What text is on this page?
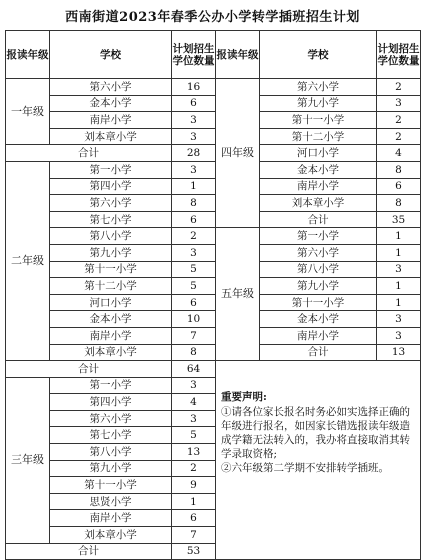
西南街道2023年春季公办小学转学插班招生计划
报读年级	学校	计划招生学位数量	报读年级	学校	计划招生学位数量
一年级	第六小学	16	四年级	第六小学	2
	金本小学	6		第九小学	3
	南岸小学	3		第十一小学	2
	刘本章小学	3		第十二小学	2
合计		28		河口小学	4
二年级	第一小学	3		金本小学	8
	第四小学	1		南岸小学	6
	第六小学	8		刘本章小学	8
	第七小学	6		合计	35
	第八小学	2	五年级	第一小学	1
	第九小学	3		第六小学	1
	第十一小学	5		第八小学	3
	第十二小学	5		第九小学	1
	河口小学	6		第十一小学	1
	金本小学	10		金本小学	3
	南岸小学	7		南岸小学	3
	刘本章小学	8		合计	13
合计		64	重要声明:

①请各位家长报名时务必如实选择正确的年级进行报名，如因家长错选报读年级造成学籍无法转入的，我办将直接取消其转学录取资格;

②六年级第二学期不安排转学插班。		

三年级	第一小学	3			
	第四小学	4			
	第六小学	3			
	第七小学	5			
	第八小学	13			
	第九小学	2			
	第十一小学	9			
	思贤小学	1			
	南岸小学	6			
	刘本章小学	7			
合计		53			
